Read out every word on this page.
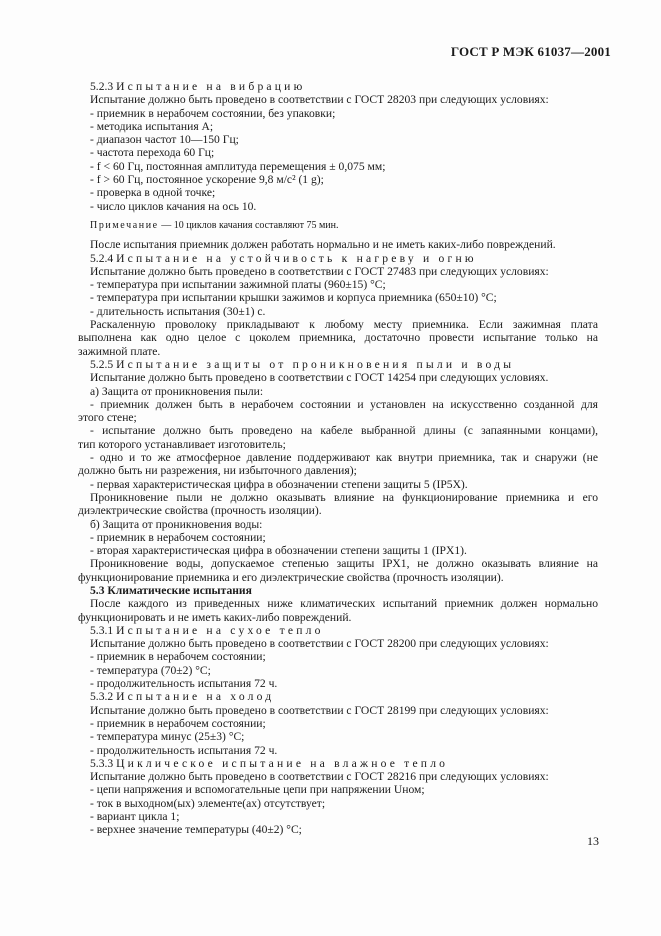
ГОСТ Р МЭК 61037—2001
5.2.3 Испытание на вибрацию
Испытание должно быть проведено в соответствии с ГОСТ 28203 при следующих условиях:
- приемник в нерабочем состоянии, без упаковки;
- методика испытания А;
- диапазон частот 10—150 Гц;
- частота перехода 60 Гц;
- f < 60 Гц, постоянная амплитуда перемещения ± 0,075 мм;
- f > 60 Гц, постоянное ускорение 9,8 м/с² (1 g);
- проверка в одной точке;
- число циклов качания на ось 10.
Примечание — 10 циклов качания составляют 75 мин.
После испытания приемник должен работать нормально и не иметь каких-либо повреждений.
5.2.4 Испытание на устойчивость к нагреву и огню
Испытание должно быть проведено в соответствии с ГОСТ 27483 при следующих условиях:
- температура при испытании зажимной платы (960±15) °С;
- температура при испытании крышки зажимов и корпуса приемника (650±10) °С;
- длительность испытания (30±1) с.
Раскаленную проволоку прикладывают к любому месту приемника. Если зажимная плата
выполнена как одно целое с цоколем приемника, достаточно провести испытание только на
зажимной плате.
5.2.5 Испытание защиты от проникновения пыли и воды
Испытание должно быть проведено в соответствии с ГОСТ 14254 при следующих условиях.
а) Защита от проникновения пыли:
- приемник должен быть в нерабочем состоянии и установлен на искусственно созданной для
этого стене;
- испытание должно быть проведено на кабеле выбранной длины (с запаянными концами),
тип которого устанавливает изготовитель;
- одно и то же атмосферное давление поддерживают как внутри приемника, так и снаружи (не
должно быть ни разрежения, ни избыточного давления);
- первая характеристическая цифра в обозначении степени защиты 5 (IP5X).
Проникновение пыли не должно оказывать влияние на функционирование приемника и его
диэлектрические свойства (прочность изоляции).
б) Защита от проникновения воды:
- приемник в нерабочем состоянии;
- вторая характеристическая цифра в обозначении степени защиты 1 (IPX1).
Проникновение воды, допускаемое степенью защиты IPX1, не должно оказывать влияние на
функционирование приемника и его диэлектрические свойства (прочность изоляции).
5.3 Климатические испытания
После каждого из приведенных ниже климатических испытаний приемник должен нормально
функционировать и не иметь каких-либо повреждений.
5.3.1 Испытание на сухое тепло
Испытание должно быть проведено в соответствии с ГОСТ 28200 при следующих условиях:
- приемник в нерабочем состоянии;
- температура (70±2) °С;
- продолжительность испытания 72 ч.
5.3.2 Испытание на холод
Испытание должно быть проведено в соответствии с ГОСТ 28199 при следующих условиях:
- приемник в нерабочем состоянии;
- температура минус (25±3) °С;
- продолжительность испытания 72 ч.
5.3.3 Циклическое испытание на влажное тепло
Испытание должно быть проведено в соответствии с ГОСТ 28216 при следующих условиях:
- цепи напряжения и вспомогательные цепи при напряжении Uном;
- ток в выходном(ых) элементе(ах) отсутствует;
- вариант цикла 1;
- верхнее значение температуры (40±2) °С;
13
